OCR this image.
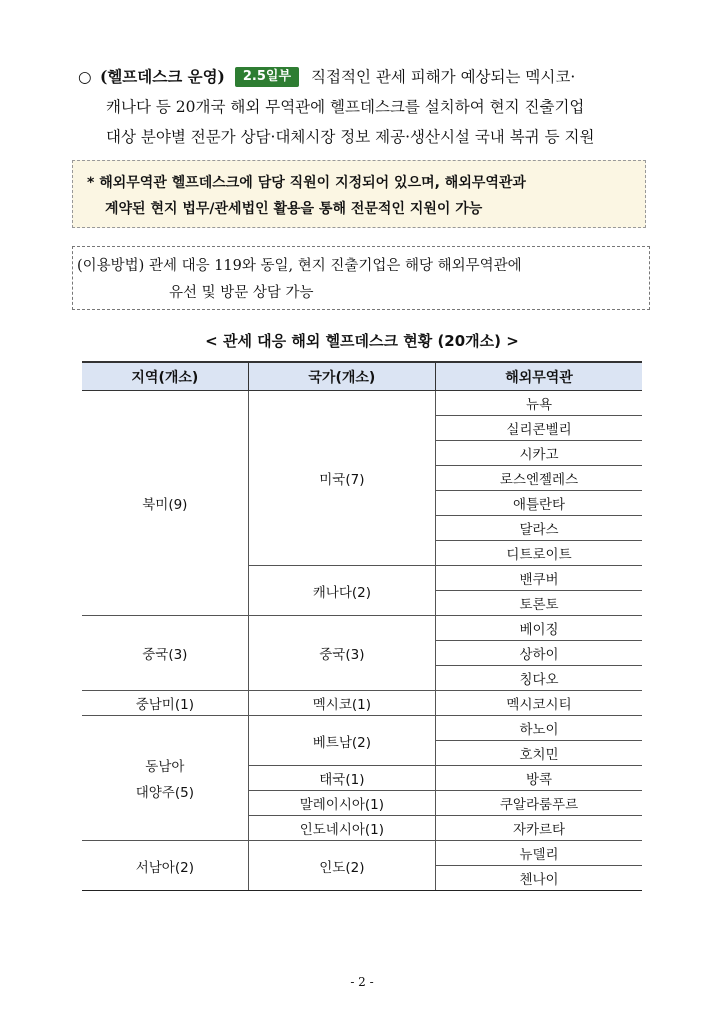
○ (헬프데스크 운영) 2.5일부 직접적인 관세 피해가 예상되는 멕시코·
캐나다 등 20개국 해외 무역관에 헬프데스크를 설치하여 현지 진출기업
대상 분야별 전문가 상담·대체시장 정보 제공·생산시설 국내 복귀 등 지원
* 해외무역관 헬프데스크에 담당 직원이 지정되어 있으며, 해외무역관과
계약된 현지 법무/관세법인 활용을 통해 전문적인 지원이 가능
(이용방법) 관세 대응 119와 동일, 현지 진출기업은 해당 해외무역관에
유선 및 방문 상담 가능
< 관세 대응 해외 헬프데스크 현황 (20개소) >
지역(개소)	국가(개소)	해외무역관
북미(9)	미국(7)	뉴욕
		실리콘벨리
		시카고
		로스엔젤레스
		애틀란타
		달라스
		디트로이트
	캐나다(2)	밴쿠버
		토론토
중국(3)	중국(3)	베이징
		상하이
		칭다오
중남미(1)	멕시코(1)	멕시코시티

동남아
대양주(5)	베트남(2)	하노이
		호치민
	태국(1)	방콕
	말레이시아(1)	쿠알라룸푸르
	인도네시아(1)	자카르타
서남아(2)	인도(2)	뉴델리
		첸나이
- 2 -
